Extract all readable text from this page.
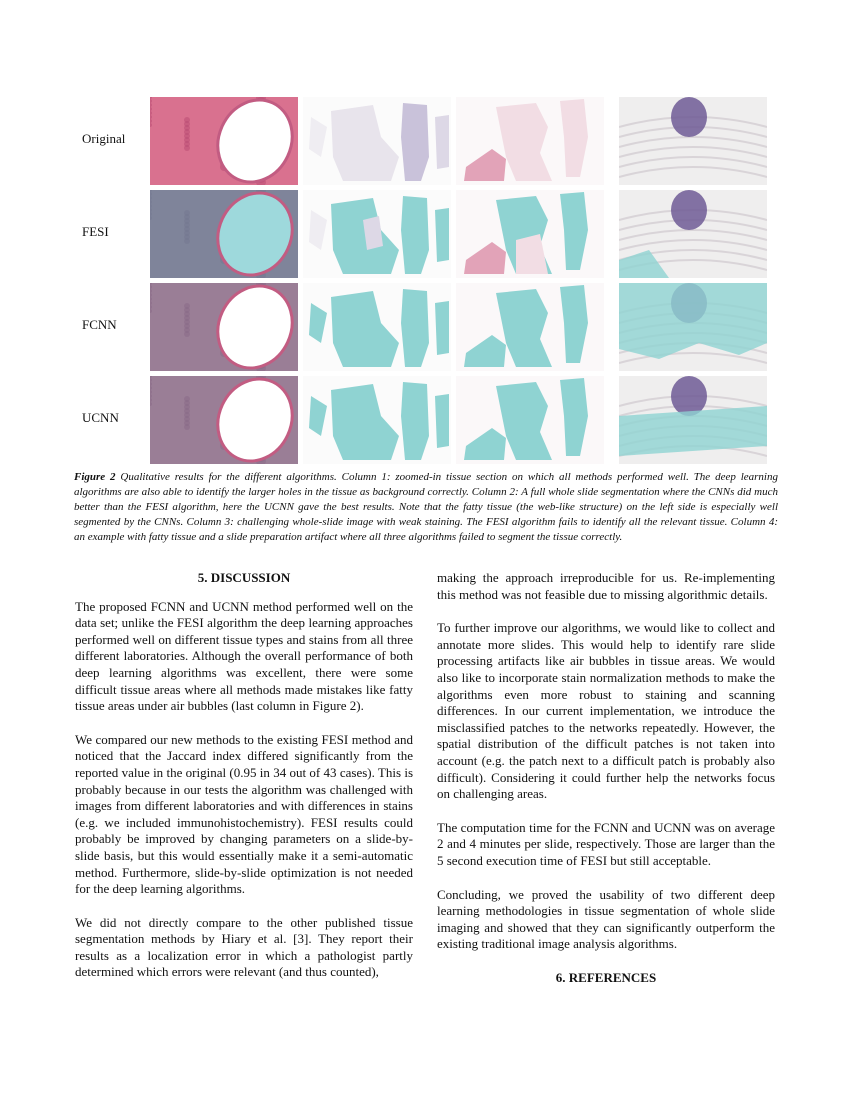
Original
FESI
FCNN
UCNN
Figure 2 Qualitative results for the different algorithms. Column 1: zoomed-in tissue section on which all methods performed well. The deep learning algorithms are also able to identify the larger holes in the tissue as background correctly. Column 2: A full whole slide segmentation where the CNNs did much better than the FESI algorithm, here the UCNN gave the best results. Note that the fatty tissue (the web-like structure) on the left side is especially well segmented by the CNNs. Column 3: challenging whole-slide image with weak staining. The FESI algorithm fails to identify all the relevant tissue. Column 4: an example with fatty tissue and a slide preparation artifact where all three algorithms failed to segment the tissue correctly.
5. DISCUSSION

The proposed FCNN and UCNN method performed well on the data set; unlike the FESI algorithm the deep learning approaches performed well on different tissue types and stains from all three different laboratories. Although the overall performance of both deep learning algorithms was excellent, there were some difficult tissue areas where all methods made mistakes like fatty tissue areas under air bubbles (last column in Figure 2).

We compared our new methods to the existing FESI method and noticed that the Jaccard index differed significantly from the reported value in the original (0.95 in 34 out of 43 cases). This is probably because in our tests the algorithm was challenged with images from different laboratories and with differences in stains (e.g. we included immunohistochemistry). FESI results could probably be improved by changing parameters on a slide-by-slide basis, but this would essentially make it a semi-automatic method. Furthermore, slide-by-slide optimization is not needed for the deep learning algorithms.

We did not directly compare to the other published tissue segmentation methods by Hiary et al. [3]. They report their results as a localization error in which a pathologist partly determined which errors were relevant (and thus counted),

making the approach irreproducible for us. Re-implementing this method was not feasible due to missing algorithmic details.

To further improve our algorithms, we would like to collect and annotate more slides. This would help to identify rare slide processing artifacts like air bubbles in tissue areas. We would also like to incorporate stain normalization methods to make the algorithms even more robust to staining and scanning differences. In our current implementation, we introduce the misclassified patches to the networks repeatedly. However, the spatial distribution of the difficult patches is not taken into account (e.g. the patch next to a difficult patch is probably also difficult). Considering it could further help the networks focus on challenging areas.

The computation time for the FCNN and UCNN was on average 2 and 4 minutes per slide, respectively. Those are larger than the 5 second execution time of FESI but still acceptable.

Concluding, we proved the usability of two different deep learning methodologies in tissue segmentation of whole slide imaging and showed that they can significantly outperform the existing traditional image analysis algorithms.

6. REFERENCES
